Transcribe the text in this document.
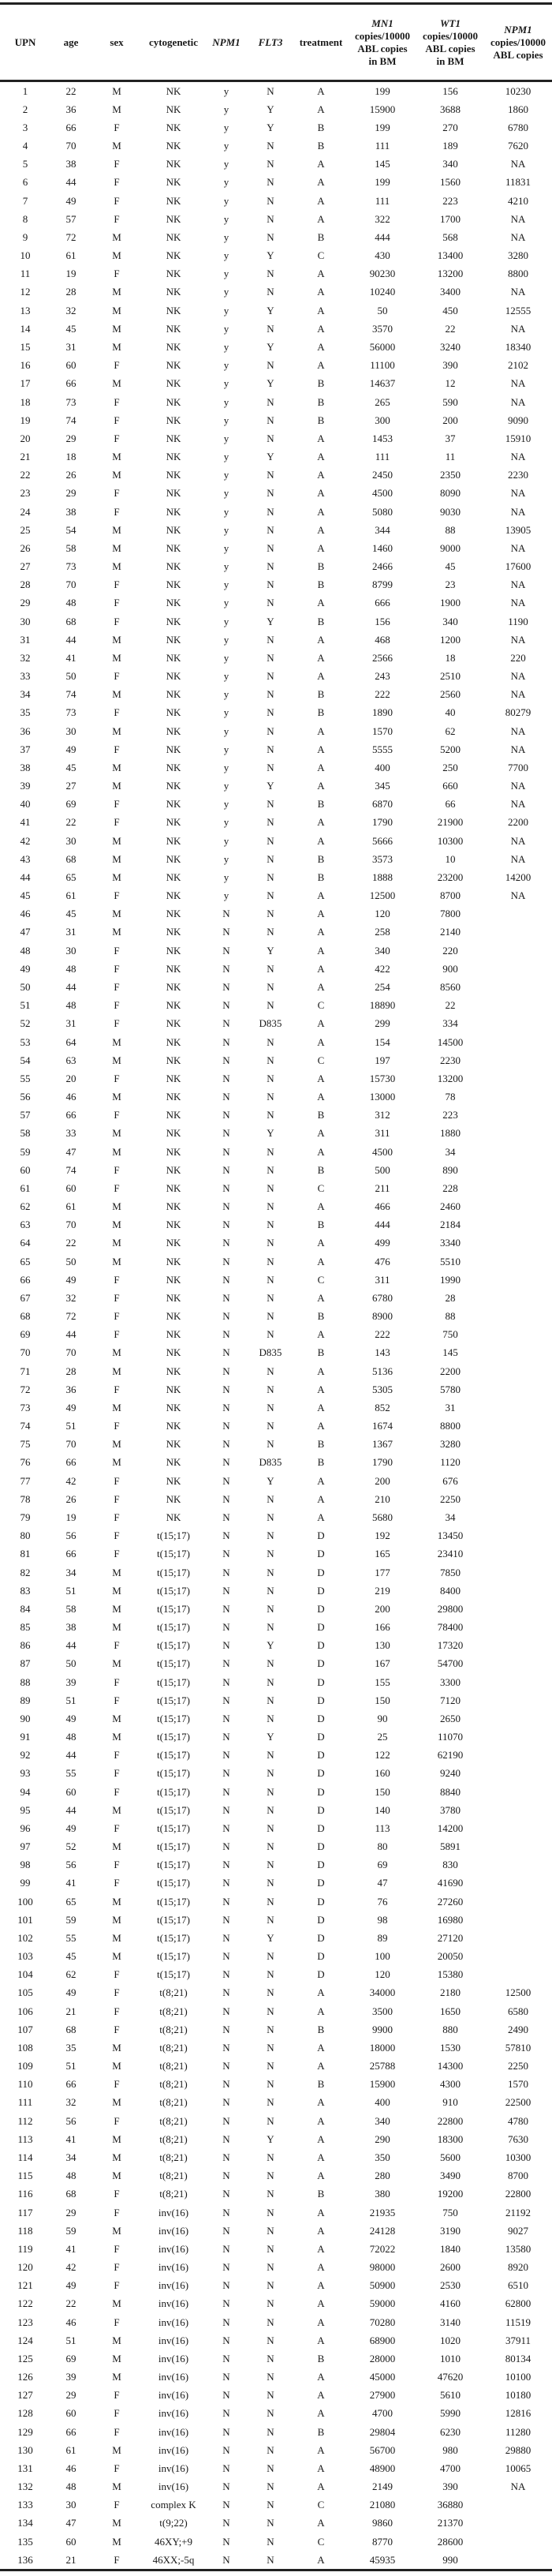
UPN	age	sex	cytogenetic	NPM1	FLT3	treatment	MN1
copies/10000
ABL copies
in BM	WT1
copies/10000
ABL copies
in BM	NPM1
copies/10000
ABL copies

1	22	M	NK	y	N	A	199	156	10230
2	36	M	NK	y	Y	A	15900	3688	1860
3	66	F	NK	y	Y	B	199	270	6780
4	70	M	NK	y	N	B	111	189	7620
5	38	F	NK	y	N	A	145	340	NA
6	44	F	NK	y	N	A	199	1560	11831
7	49	F	NK	y	N	A	111	223	4210
8	57	F	NK	y	N	A	322	1700	NA
9	72	M	NK	y	N	B	444	568	NA
10	61	M	NK	y	Y	C	430	13400	3280
11	19	F	NK	y	N	A	90230	13200	8800
12	28	M	NK	y	N	A	10240	3400	NA
13	32	M	NK	y	Y	A	50	450	12555
14	45	M	NK	y	N	A	3570	22	NA
15	31	M	NK	y	Y	A	56000	3240	18340
16	60	F	NK	y	N	A	11100	390	2102
17	66	M	NK	y	Y	B	14637	12	NA
18	73	F	NK	y	N	B	265	590	NA
19	74	F	NK	y	N	B	300	200	9090
20	29	F	NK	y	N	A	1453	37	15910
21	18	M	NK	y	Y	A	111	11	NA
22	26	M	NK	y	N	A	2450	2350	2230
23	29	F	NK	y	N	A	4500	8090	NA
24	38	F	NK	y	N	A	5080	9030	NA
25	54	M	NK	y	N	A	344	88	13905
26	58	M	NK	y	N	A	1460	9000	NA
27	73	M	NK	y	N	B	2466	45	17600
28	70	F	NK	y	N	B	8799	23	NA
29	48	F	NK	y	N	A	666	1900	NA
30	68	F	NK	y	Y	B	156	340	1190
31	44	M	NK	y	N	A	468	1200	NA
32	41	M	NK	y	N	A	2566	18	220
33	50	F	NK	y	N	A	243	2510	NA
34	74	M	NK	y	N	B	222	2560	NA
35	73	F	NK	y	N	B	1890	40	80279
36	30	M	NK	y	N	A	1570	62	NA
37	49	F	NK	y	N	A	5555	5200	NA
38	45	M	NK	y	N	A	400	250	7700
39	27	M	NK	y	Y	A	345	660	NA
40	69	F	NK	y	N	B	6870	66	NA
41	22	F	NK	y	N	A	1790	21900	2200
42	30	M	NK	y	N	A	5666	10300	NA
43	68	M	NK	y	N	B	3573	10	NA
44	65	M	NK	y	N	B	1888	23200	14200
45	61	F	NK	y	N	A	12500	8700	NA
46	45	M	NK	N	N	A	120	7800	
47	31	M	NK	N	N	A	258	2140	
48	30	F	NK	N	Y	A	340	220	
49	48	F	NK	N	N	A	422	900	
50	44	F	NK	N	N	A	254	8560	
51	48	F	NK	N	N	C	18890	22	
52	31	F	NK	N	D835	A	299	334	
53	64	M	NK	N	N	A	154	14500	
54	63	M	NK	N	N	C	197	2230	
55	20	F	NK	N	N	A	15730	13200	
56	46	M	NK	N	N	A	13000	78	
57	66	F	NK	N	N	B	312	223	
58	33	M	NK	N	Y	A	311	1880	
59	47	M	NK	N	N	A	4500	34	
60	74	F	NK	N	N	B	500	890	
61	60	F	NK	N	N	C	211	228	
62	61	M	NK	N	N	A	466	2460	
63	70	M	NK	N	N	B	444	2184	
64	22	M	NK	N	N	A	499	3340	
65	50	M	NK	N	N	A	476	5510	
66	49	F	NK	N	N	C	311	1990	
67	32	F	NK	N	N	A	6780	28	
68	72	F	NK	N	N	B	8900	88	
69	44	F	NK	N	N	A	222	750	
70	70	M	NK	N	D835	B	143	145	
71	28	M	NK	N	N	A	5136	2200	
72	36	F	NK	N	N	A	5305	5780	
73	49	M	NK	N	N	A	852	31	
74	51	F	NK	N	N	A	1674	8800	
75	70	M	NK	N	N	B	1367	3280	
76	66	M	NK	N	D835	B	1790	1120	
77	42	F	NK	N	Y	A	200	676	
78	26	F	NK	N	N	A	210	2250	
79	19	F	NK	N	N	A	5680	34	
80	56	F	t(15;17)	N	N	D	192	13450	
81	66	F	t(15;17)	N	N	D	165	23410	
82	34	M	t(15;17)	N	N	D	177	7850	
83	51	M	t(15;17)	N	N	D	219	8400	
84	58	M	t(15;17)	N	N	D	200	29800	
85	38	M	t(15;17)	N	N	D	166	78400	
86	44	F	t(15;17)	N	Y	D	130	17320	
87	50	M	t(15;17)	N	N	D	167	54700	
88	39	F	t(15;17)	N	N	D	155	3300	
89	51	F	t(15;17)	N	N	D	150	7120	
90	49	M	t(15;17)	N	N	D	90	2650	
91	48	M	t(15;17)	N	Y	D	25	11070	
92	44	F	t(15;17)	N	N	D	122	62190	
93	55	F	t(15;17)	N	N	D	160	9240	
94	60	F	t(15;17)	N	N	D	150	8840	
95	44	M	t(15;17)	N	N	D	140	3780	
96	49	F	t(15;17)	N	N	D	113	14200	
97	52	M	t(15;17)	N	N	D	80	5891	
98	56	F	t(15;17)	N	N	D	69	830	
99	41	F	t(15;17)	N	N	D	47	41690	
100	65	M	t(15;17)	N	N	D	76	27260	
101	59	M	t(15;17)	N	N	D	98	16980	
102	55	M	t(15;17)	N	Y	D	89	27120	
103	45	M	t(15;17)	N	N	D	100	20050	
104	62	F	t(15;17)	N	N	D	120	15380	
105	49	F	t(8;21)	N	N	A	34000	2180	12500
106	21	F	t(8;21)	N	N	A	3500	1650	6580
107	68	F	t(8;21)	N	N	B	9900	880	2490
108	35	M	t(8;21)	N	N	A	18000	1530	57810
109	51	M	t(8;21)	N	N	A	25788	14300	2250
110	66	F	t(8;21)	N	N	B	15900	4300	1570
111	32	M	t(8;21)	N	N	A	400	910	22500
112	56	F	t(8;21)	N	N	A	340	22800	4780
113	41	M	t(8;21)	N	Y	A	290	18300	7630
114	34	M	t(8;21)	N	N	A	350	5600	10300
115	48	M	t(8;21)	N	N	A	280	3490	8700
116	68	F	t(8;21)	N	N	B	380	19200	22800
117	29	F	inv(16)	N	N	A	21935	750	21192
118	59	M	inv(16)	N	N	A	24128	3190	9027
119	41	F	inv(16)	N	N	A	72022	1840	13580
120	42	F	inv(16)	N	N	A	98000	2600	8920
121	49	F	inv(16)	N	N	A	50900	2530	6510
122	22	M	inv(16)	N	N	A	59000	4160	62800
123	46	F	inv(16)	N	N	A	70280	3140	11519
124	51	M	inv(16)	N	N	A	68900	1020	37911
125	69	M	inv(16)	N	N	B	28000	1010	80134
126	39	M	inv(16)	N	N	A	45000	47620	10100
127	29	F	inv(16)	N	N	A	27900	5610	10180
128	60	F	inv(16)	N	N	A	4700	5990	12816
129	66	F	inv(16)	N	N	B	29804	6230	11280
130	61	M	inv(16)	N	N	A	56700	980	29880
131	46	F	inv(16)	N	N	A	48900	4700	10065
132	48	M	inv(16)	N	N	A	2149	390	NA
133	30	F	complex K	N	N	C	21080	36880	
134	47	M	t(9;22)	N	N	A	9860	21370	
135	60	M	46XY;+9	N	N	C	8770	28600	
136	21	F	46XX;-5q	N	N	A	45935	990	
